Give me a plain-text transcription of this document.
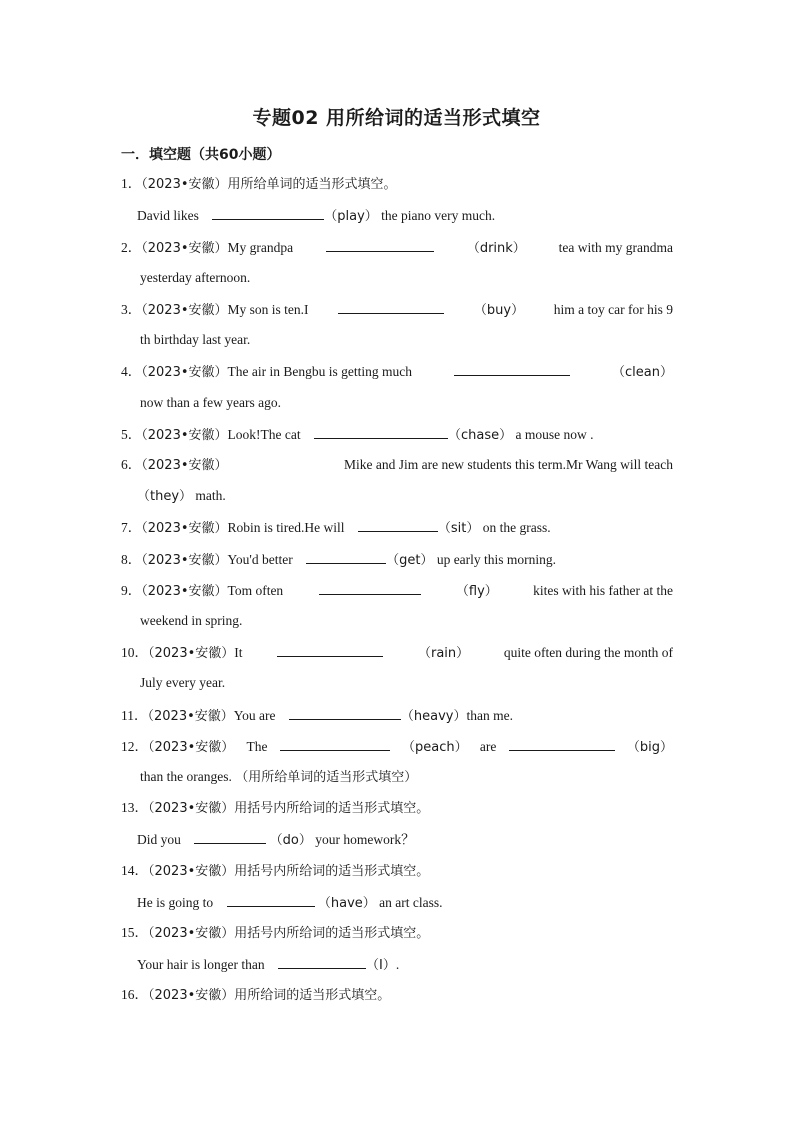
专题02 用所给词的适当形式填空
一．填空题（共60小题）
1．（2023•安徽）用所给单词的适当形式填空。
David likes	（play） the piano very much.
2．（2023•安徽）My grandpa	（drink） tea with my grandma
yesterday afternoon.
3．（2023•安徽）My son is ten.I	（buy） him a toy car for his 9
th birthday last year.
4．（2023•安徽）The air in Bengbu is getting much	（clean）
now than a few years ago.
5．（2023•安徽）Look!The cat	（chase） a mouse now .
6．（2023•安徽）	Mike and Jim are new students this term.Mr Wang will teach
（they） math.
7．（2023•安徽）Robin is tired.He will	（sit） on the grass.
8．（2023•安徽）You'd better	（get） up early this morning.
9．（2023•安徽）Tom often	（fly）	kites with his father at the
weekend in spring.
10．（2023•安徽）It	（rain）	quite often during the month of
July every year.
11．（2023•安徽）You are	（heavy）than me.
12．（2023•安徽） The	（peach） are	（big）
than the oranges. （用所给单词的适当形式填空）
13．（2023•安徽）用括号内所给词的适当形式填空。
Did you	（do） your homework？
14．（2023•安徽）用括号内所给词的适当形式填空。
He is going to	（have） an art class.
15．（2023•安徽）用括号内所给词的适当形式填空。
Your hair is longer than	（I）.
16．（2023•安徽）用所给词的适当形式填空。
